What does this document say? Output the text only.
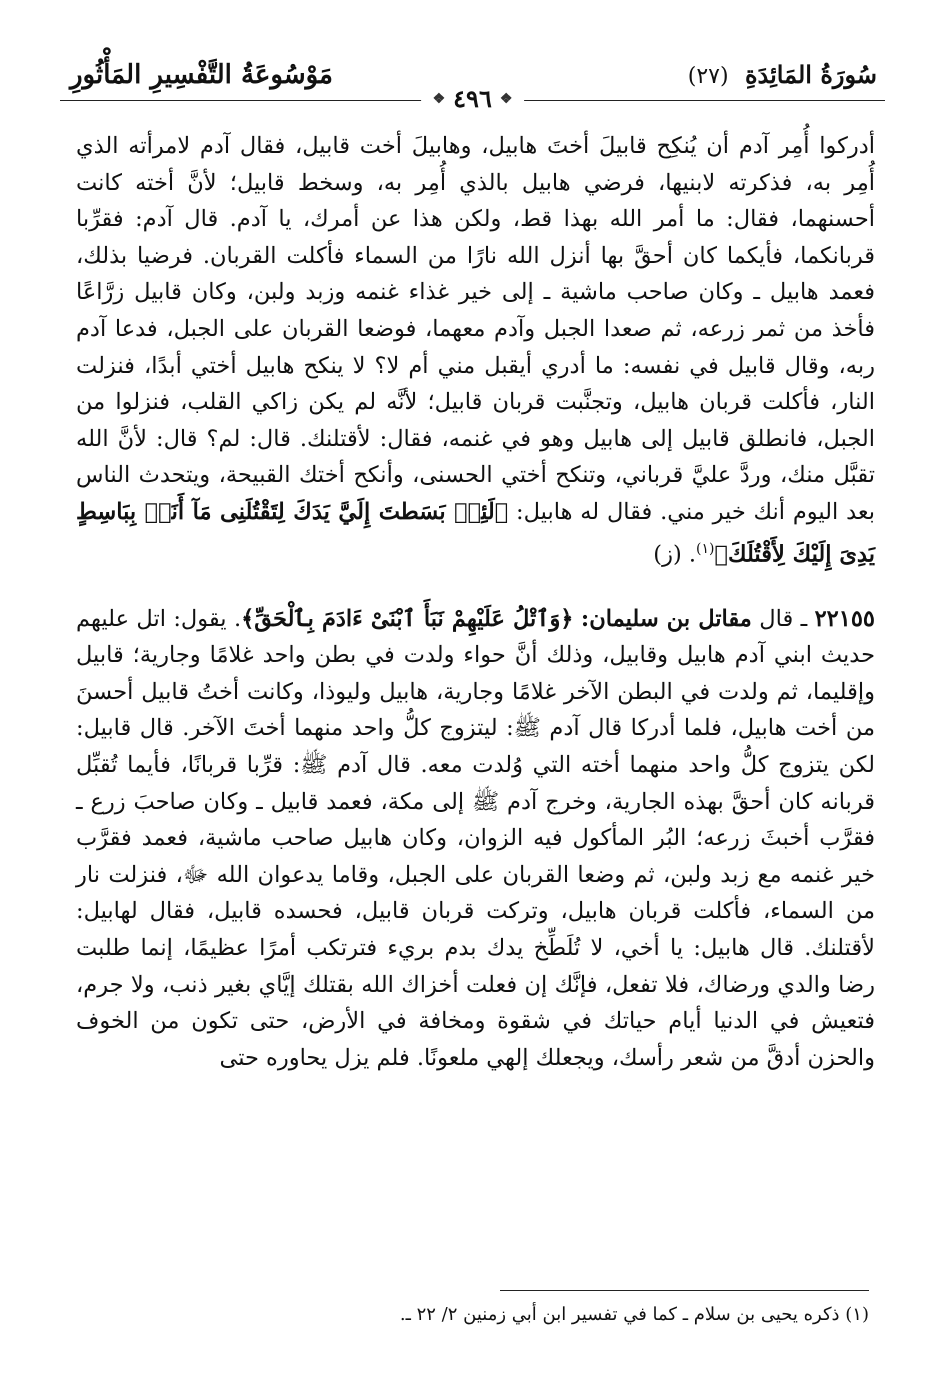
سُورَةُ المَائِدَةِ (٢٧)
مَوْسُوعَةُ التَّفْسِيرِ المَأْثُورِ
❖
٤٩٦
❖

أدركوا أُمِر آدم أن يُنكِح قابيلَ أختَ هابيل، وهابيلَ أخت قابيل، فقال آدم لامرأته الذي أُمِر به، فذكرته لابنيها، فرضي هابيل بالذي أُمِر به، وسخط قابيل؛ لأنَّ أخته كانت أحسنهما، فقال: ما أمر الله بهذا قط، ولكن هذا عن أمرك، يا آدم. قال آدم: فقرِّبا قربانكما، فأيكما كان أحقَّ بها أنزل الله نارًا من السماء فأكلت القربان. فرضيا بذلك، فعمد هابيل ـ وكان صاحب ماشية ـ إلى خير غذاء غنمه وزبد ولبن، وكان قابيل زرَّاعًا فأخذ من ثمر زرعه، ثم صعدا الجبل وآدم معهما، فوضعا القربان على الجبل، فدعا آدم ربه، وقال قابيل في نفسه: ما أدري أيقبل مني أم لا؟ لا ينكح هابيل أختي أبدًا، فنزلت النار، فأكلت قربان هابيل، وتجنَّبت قربان قابيل؛ لأنَّه لم يكن زاكي القلب، فنزلوا من الجبل، فانطلق قابيل إلى هابيل وهو في غنمه، فقال: لأقتلنك. قال: لم؟ قال: لأنَّ الله تقبَّل منك، وردَّ عليَّ قرباني، وتنكح أختي الحسنى، وأنكح أختك القبيحة، ويتحدث الناس بعد اليوم أنك خير مني. فقال له هابيل: ﴿لَئِنۢ بَسَطتَ إِلَيَّ يَدَكَ لِتَقْتُلَنِى مَآ أَنَا۠ بِبَاسِطٍ يَدِىَ إِلَيْكَ لِأَقْتُلَكَ﴾$^{(١)}$. (ز)

٢٢١٥٥ ـ قال مقاتل بن سليمان: ﴿وَٱتْلُ عَلَيْهِمْ نَبَأَ ٱبْنَىْ ءَادَمَ بِٱلْحَقِّ﴾. يقول: اتل عليهم حديث ابني آدم هابيل وقابيل، وذلك أنَّ حواء ولدت في بطن واحد غلامًا وجارية؛ قابيل وإقليما، ثم ولدت في البطن الآخر غلامًا وجارية، هابيل وليوذا، وكانت أختُ قابيل أحسنَ من أخت هابيل، فلما أدركا قال آدم ﷺ: ليتزوج كلُّ واحد منهما أختَ الآخر. قال قابيل: لكن يتزوج كلُّ واحد منهما أخته التي وُلدت معه. قال آدم ﷺ: قرِّبا قربانًا، فأيما تُقبِّل قربانه كان أحقَّ بهذه الجارية، وخرج آدم ﷺ إلى مكة، فعمد قابيل ـ وكان صاحبَ زرع ـ فقرَّب أخبثَ زرعه؛ البُر المأكول فيه الزوان، وكان هابيل صاحب ماشية، فعمد فقرَّب خير غنمه مع زبد ولبن، ثم وضعا القربان على الجبل، وقاما يدعوان الله ﷻ، فنزلت نار من السماء، فأكلت قربان هابيل، وتركت قربان قابيل، فحسده قابيل، فقال لهابيل: لأقتلنك. قال هابيل: يا أخي، لا تُلَطِّخ يدك بدم بريء فترتكب أمرًا عظيمًا، إنما طلبت رضا والدي ورضاك، فلا تفعل، فإنَّك إن فعلت أخزاك الله بقتلك إيَّاي بغير ذنب، ولا جرم، فتعيش في الدنيا أيام حياتك في شقوة ومخافة في الأرض، حتى تكون من الخوف والحزن أدقَّ من شعر رأسك، ويجعلك إلهي ملعونًا. فلم يزل يحاوره حتى

(١) ذكره يحيى بن سلام ـ كما في تفسير ابن أبي زمنين ٢/ ٢٢ ـ.
